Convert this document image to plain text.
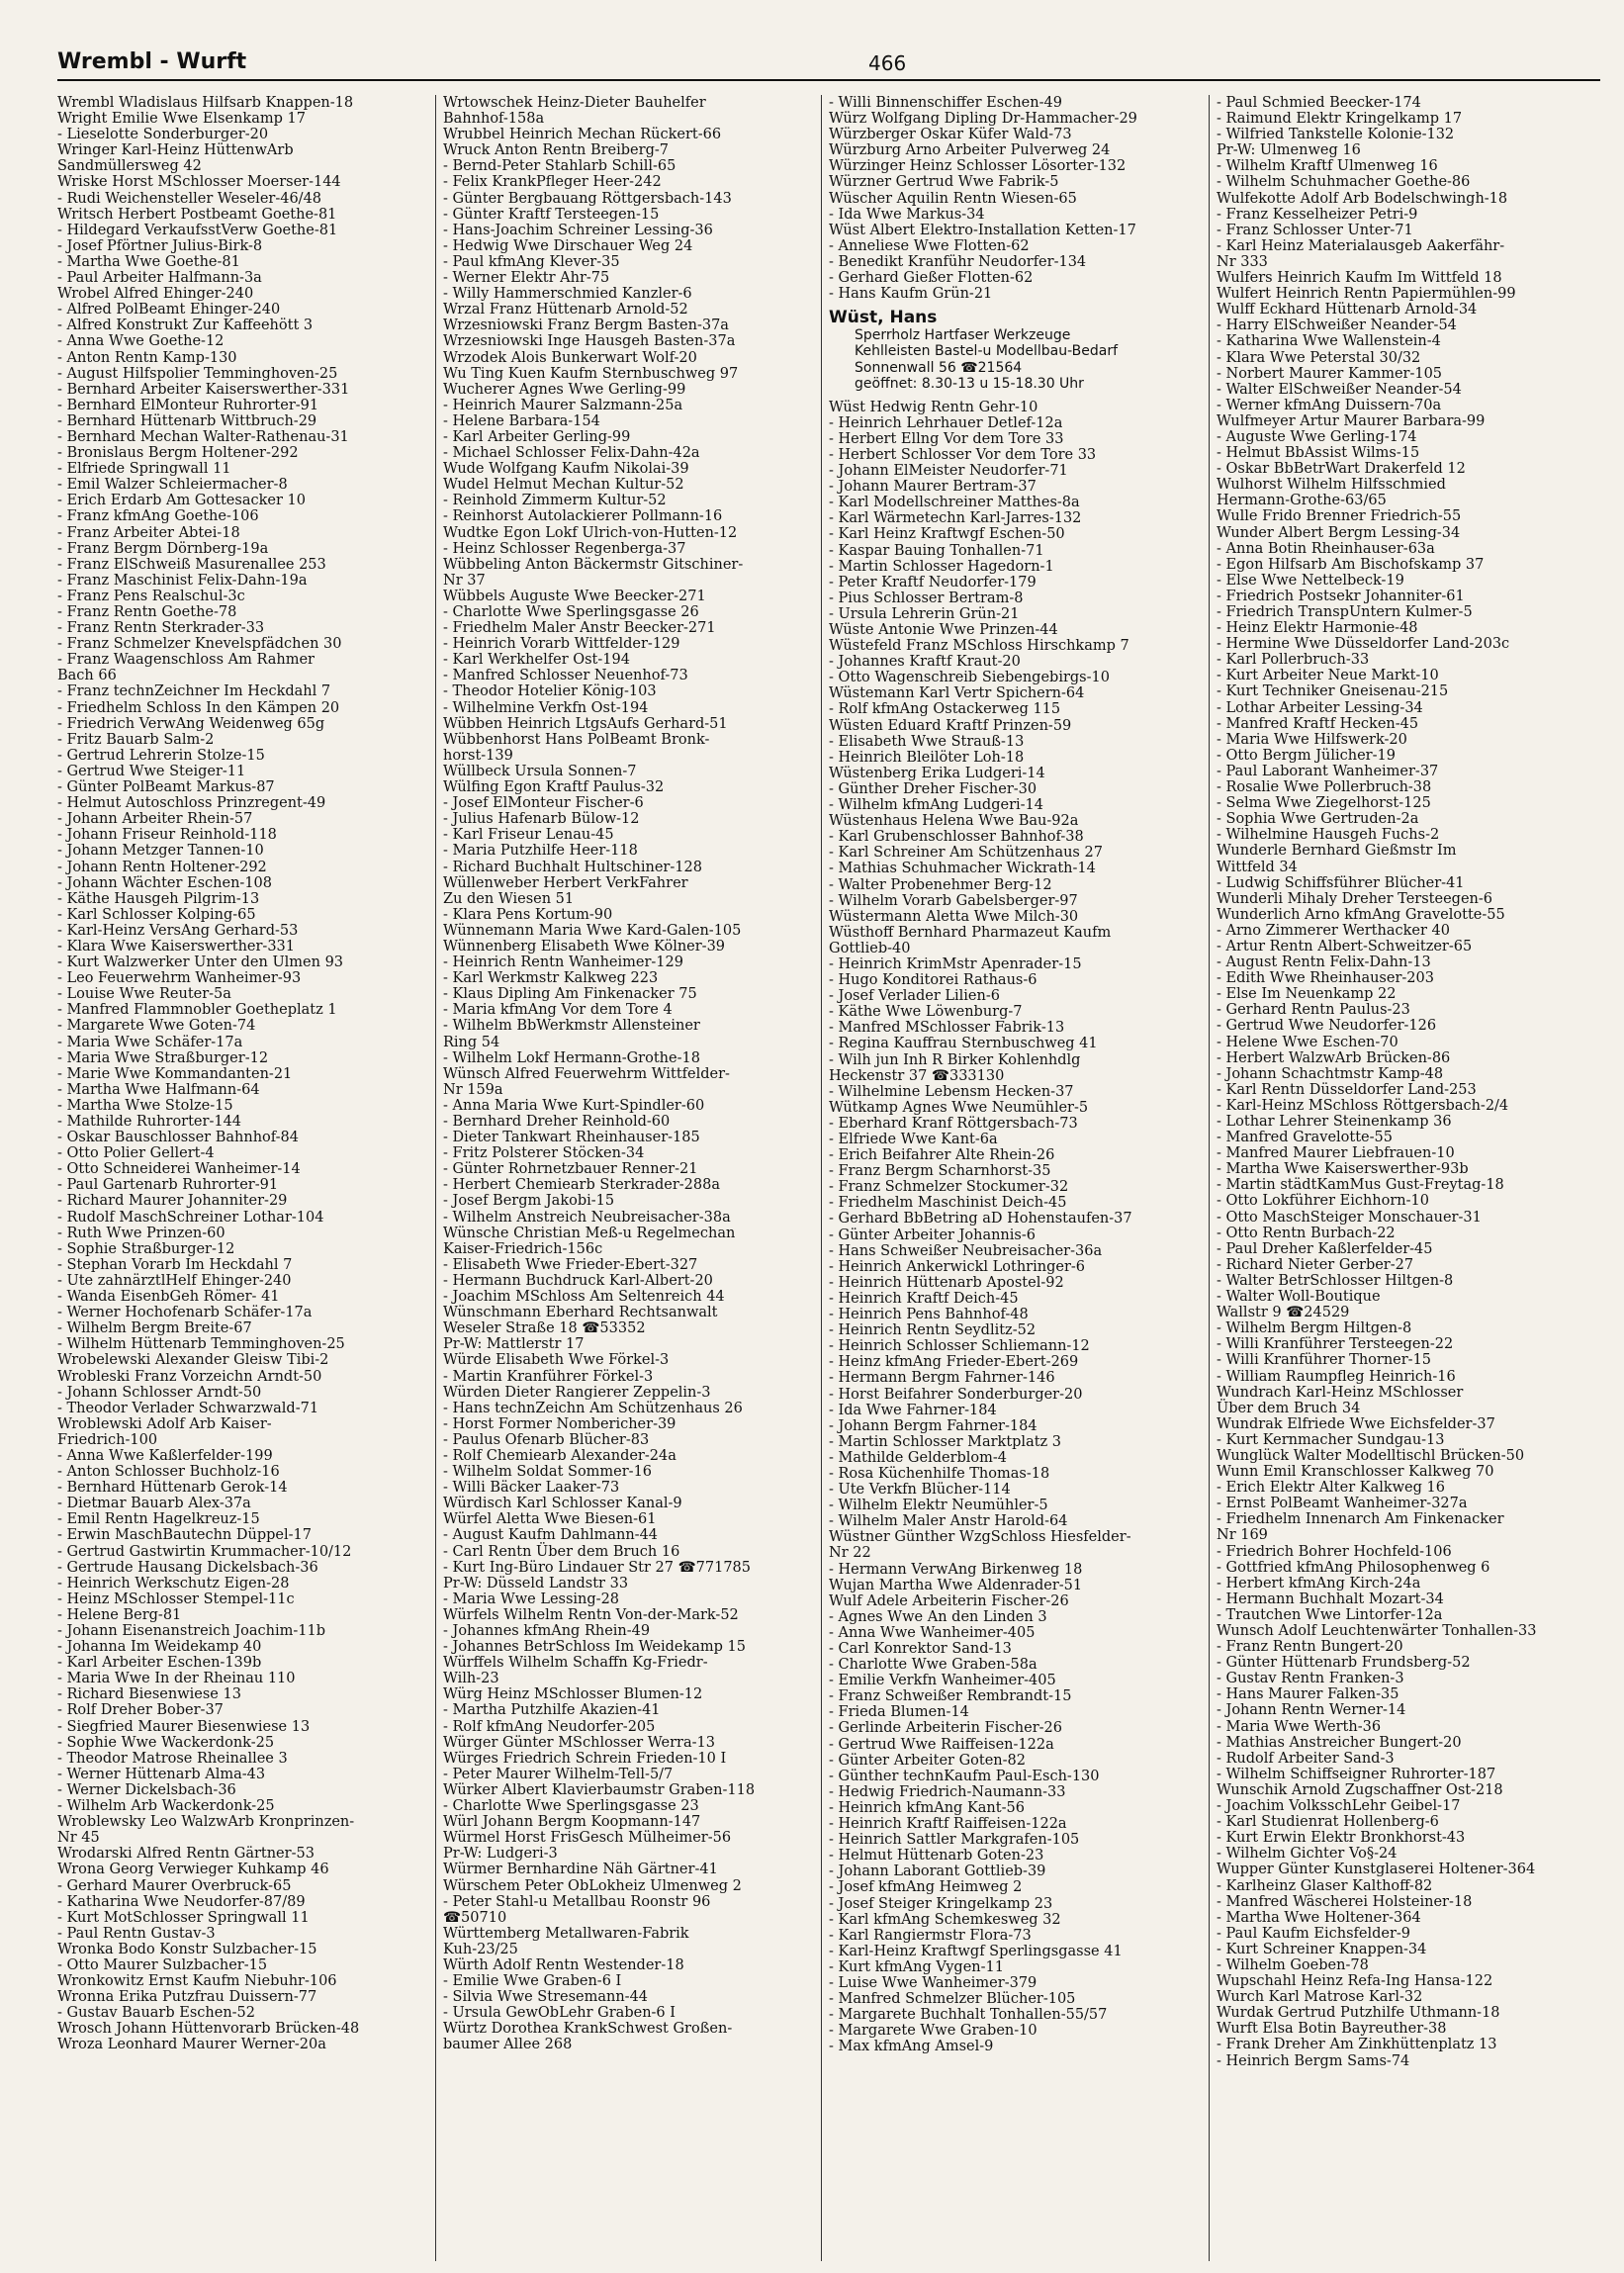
Wrembl - Wurft	466
Wrembl Wladislaus Hilfsarb Knappen-18
Wright Emilie Wwe Elsenkamp 17
- Lieselotte Sonderburger-20
Wringer Karl-Heinz HüttenwArb
Sandmüllersweg 42
Wriske Horst MSchlosser Moerser-144
- Rudi Weichensteller Weseler-46/48
Writsch Herbert Postbeamt Goethe-81
- Hildegard VerkaufsstVerw Goethe-81
- Josef Pförtner Julius-Birk-8
- Martha Wwe Goethe-81
- Paul Arbeiter Halfmann-3a
Wrobel Alfred Ehinger-240
- Alfred PolBeamt Ehinger-240
- Alfred Konstrukt Zur Kaffeehött 3
- Anna Wwe Goethe-12
- Anton Rentn Kamp-130
- August Hilfspolier Temminghoven-25
- Bernhard Arbeiter Kaiserswerther-331
- Bernhard ElMonteur Ruhrorter-91
- Bernhard Hüttenarb Wittbruch-29
- Bernhard Mechan Walter-Rathenau-31
- Bronislaus Bergm Holtener-292
- Elfriede Springwall 11
- Emil Walzer Schleiermacher-8
- Erich Erdarb Am Gottesacker 10
- Franz kfmAng Goethe-106
- Franz Arbeiter Abtei-18
- Franz Bergm Dörnberg-19a
- Franz ElSchweiß Masurenallee 253
- Franz Maschinist Felix-Dahn-19a
- Franz Pens Realschul-3c
- Franz Rentn Goethe-78
- Franz Rentn Sterkrader-33
- Franz Schmelzer Knevelspfädchen 30
- Franz Waagenschloss Am Rahmer
Bach 66
- Franz technZeichner Im Heckdahl 7
- Friedhelm Schloss In den Kämpen 20
- Friedrich VerwAng Weidenweg 65g
- Fritz Bauarb Salm-2
- Gertrud Lehrerin Stolze-15
- Gertrud Wwe Steiger-11
- Günter PolBeamt Markus-87
- Helmut Autoschloss Prinzregent-49
- Johann Arbeiter Rhein-57
- Johann Friseur Reinhold-118
- Johann Metzger Tannen-10
- Johann Rentn Holtener-292
- Johann Wächter Eschen-108
- Käthe Hausgeh Pilgrim-13
- Karl Schlosser Kolping-65
- Karl-Heinz VersAng Gerhard-53
- Klara Wwe Kaiserswerther-331
- Kurt Walzwerker Unter den Ulmen 93
- Leo Feuerwehrm Wanheimer-93
- Louise Wwe Reuter-5a
- Manfred Flammnobler Goetheplatz 1
- Margarete Wwe Goten-74
- Maria Wwe Schäfer-17a
- Maria Wwe Straßburger-12
- Marie Wwe Kommandanten-21
- Martha Wwe Halfmann-64
- Martha Wwe Stolze-15
- Mathilde Ruhrorter-144
- Oskar Bauschlosser Bahnhof-84
- Otto Polier Gellert-4
- Otto Schneiderei Wanheimer-14
- Paul Gartenarb Ruhrorter-91
- Richard Maurer Johanniter-29
- Rudolf MaschSchreiner Lothar-104
- Ruth Wwe Prinzen-60
- Sophie Straßburger-12
- Stephan Vorarb Im Heckdahl 7
- Ute zahnärztlHelf Ehinger-240
- Wanda EisenbGeh Römer- 41
- Werner Hochofenarb Schäfer-17a
- Wilhelm Bergm Breite-67
- Wilhelm Hüttenarb Temminghoven-25
Wrobelewski Alexander Gleisw Tibi-2
Wrobleski Franz Vorzeichn Arndt-50
- Johann Schlosser Arndt-50
- Theodor Verlader Schwarzwald-71
Wroblewski Adolf Arb Kaiser-
Friedrich-100
- Anna Wwe Kaßlerfelder-199
- Anton Schlosser Buchholz-16
- Bernhard Hüttenarb Gerok-14
- Dietmar Bauarb Alex-37a
- Emil Rentn Hagelkreuz-15
- Erwin MaschBautechn Düppel-17
- Gertrud Gastwirtin Krummacher-10/12
- Gertrude Hausang Dickelsbach-36
- Heinrich Werkschutz Eigen-28
- Heinz MSchlosser Stempel-11c
- Helene Berg-81
- Johann Eisenanstreich Joachim-11b
- Johanna Im Weidekamp 40
- Karl Arbeiter Eschen-139b
- Maria Wwe In der Rheinau 110
- Richard Biesenwiese 13
- Rolf Dreher Bober-37
- Siegfried Maurer Biesenwiese 13
- Sophie Wwe Wackerdonk-25
- Theodor Matrose Rheinallee 3
- Werner Hüttenarb Alma-43
- Werner Dickelsbach-36
- Wilhelm Arb Wackerdonk-25
Wroblewsky Leo WalzwArb Kronprinzen-
Nr 45
Wrodarski Alfred Rentn Gärtner-53
Wrona Georg Verwieger Kuhkamp 46
- Gerhard Maurer Overbruck-65
- Katharina Wwe Neudorfer-87/89
- Kurt MotSchlosser Springwall 11
- Paul Rentn Gustav-3
Wronka Bodo Konstr Sulzbacher-15
- Otto Maurer Sulzbacher-15
Wronkowitz Ernst Kaufm Niebuhr-106
Wronna Erika Putzfrau Duissern-77
- Gustav Bauarb Eschen-52
Wrosch Johann Hüttenvorarb Brücken-48
Wroza Leonhard Maurer Werner-20a
Wrtowschek Heinz-Dieter Bauhelfer
Bahnhof-158a
Wrubbel Heinrich Mechan Rückert-66
Wruck Anton Rentn Breiberg-7
- Bernd-Peter Stahlarb Schill-65
- Felix KrankPfleger Heer-242
- Günter Bergbauang Röttgersbach-143
- Günter Kraftf Tersteegen-15
- Hans-Joachim Schreiner Lessing-36
- Hedwig Wwe Dirschauer Weg 24
- Paul kfmAng Klever-35
- Werner Elektr Ahr-75
- Willy Hammerschmied Kanzler-6
Wrzal Franz Hüttenarb Arnold-52
Wrzesniowski Franz Bergm Basten-37a
Wrzesniowski Inge Hausgeh Basten-37a
Wrzodek Alois Bunkerwart Wolf-20
Wu Ting Kuen Kaufm Sternbuschweg 97
Wucherer Agnes Wwe Gerling-99
- Heinrich Maurer Salzmann-25a
- Helene Barbara-154
- Karl Arbeiter Gerling-99
- Michael Schlosser Felix-Dahn-42a
Wude Wolfgang Kaufm Nikolai-39
Wudel Helmut Mechan Kultur-52
- Reinhold Zimmerm Kultur-52
- Reinhorst Autolackierer Pollmann-16
Wudtke Egon Lokf Ulrich-von-Hutten-12
- Heinz Schlosser Regenberga-37
Wübbeling Anton Bäckermstr Gitschiner-
Nr 37
Wübbels Auguste Wwe Beecker-271
- Charlotte Wwe Sperlingsgasse 26
- Friedhelm Maler Anstr Beecker-271
- Heinrich Vorarb Wittfelder-129
- Karl Werkhelfer Ost-194
- Manfred Schlosser Neuenhof-73
- Theodor Hotelier König-103
- Wilhelmine Verkfn Ost-194
Wübben Heinrich LtgsAufs Gerhard-51
Wübbenhorst Hans PolBeamt Bronk-
horst-139
Wüllbeck Ursula Sonnen-7
Wülfing Egon Kraftf Paulus-32
- Josef ElMonteur Fischer-6
- Julius Hafenarb Bülow-12
- Karl Friseur Lenau-45
- Maria Putzhilfe Heer-118
- Richard Buchhalt Hultschiner-128
Wüllenweber Herbert VerkFahrer
Zu den Wiesen 51
- Klara Pens Kortum-90
Wünnemann Maria Wwe Kard-Galen-105
Wünnenberg Elisabeth Wwe Kölner-39
- Heinrich Rentn Wanheimer-129
- Karl Werkmstr Kalkweg 223
- Klaus Dipling Am Finkenacker 75
- Maria kfmAng Vor dem Tore 4
- Wilhelm BbWerkmstr Allensteiner
Ring 54
- Wilhelm Lokf Hermann-Grothe-18
Wünsch Alfred Feuerwehrm Wittfelder-
Nr 159a
- Anna Maria Wwe Kurt-Spindler-60
- Bernhard Dreher Reinhold-60
- Dieter Tankwart Rheinhauser-185
- Fritz Polsterer Stöcken-34
- Günter Rohrnetzbauer Renner-21
- Herbert Chemiearb Sterkrader-288a
- Josef Bergm Jakobi-15
- Wilhelm Anstreich Neubreisacher-38a
Wünsche Christian Meß-u Regelmechan
Kaiser-Friedrich-156c
- Elisabeth Wwe Frieder-Ebert-327
- Hermann Buchdruck Karl-Albert-20
- Joachim MSchloss Am Seltenreich 44
Wünschmann Eberhard Rechtsanwalt
Weseler Straße 18 ☎53352
Pr-W: Mattlerstr 17
Würde Elisabeth Wwe Förkel-3
- Martin Kranführer Förkel-3
Würden Dieter Rangierer Zeppelin-3
- Hans technZeichn Am Schützenhaus 26
- Horst Former Nombericher-39
- Paulus Ofenarb Blücher-83
- Rolf Chemiearb Alexander-24a
- Wilhelm Soldat Sommer-16
- Willi Bäcker Laaker-73
Würdisch Karl Schlosser Kanal-9
Würfel Aletta Wwe Biesen-61
- August Kaufm Dahlmann-44
- Carl Rentn Über dem Bruch 16
- Kurt Ing-Büro Lindauer Str 27 ☎771785
Pr-W: Düsseld Landstr 33
- Maria Wwe Lessing-28
Würfels Wilhelm Rentn Von-der-Mark-52
- Johannes kfmAng Rhein-49
- Johannes BetrSchloss Im Weidekamp 15
Würffels Wilhelm Schaffn Kg-Friedr-
Wilh-23
Würg Heinz MSchlosser Blumen-12
- Martha Putzhilfe Akazien-41
- Rolf kfmAng Neudorfer-205
Würger Günter MSchlosser Werra-13
Würges Friedrich Schrein Frieden-10 I
- Peter Maurer Wilhelm-Tell-5/7
Würker Albert Klavierbaumstr Graben-118
- Charlotte Wwe Sperlingsgasse 23
Würl Johann Bergm Koopmann-147
Würmel Horst FrisGesch Mülheimer-56
Pr-W: Ludgeri-3
Würmer Bernhardine Näh Gärtner-41
Würschem Peter ObLokheiz Ulmenweg 2
- Peter Stahl-u Metallbau Roonstr 96
☎50710
Württemberg Metallwaren-Fabrik
Kuh-23/25
Würth Adolf Rentn Westender-18
- Emilie Wwe Graben-6 I
- Silvia Wwe Stresemann-44
- Ursula GewObLehr Graben-6 I
Würtz Dorothea KrankSchwest Großen-
baumer Allee 268
- Willi Binnenschiffer Eschen-49
Würz Wolfgang Dipling Dr-Hammacher-29
Würzberger Oskar Küfer Wald-73
Würzburg Arno Arbeiter Pulverweg 24
Würzinger Heinz Schlosser Lösorter-132
Würzner Gertrud Wwe Fabrik-5
Wüscher Aquilin Rentn Wiesen-65
- Ida Wwe Markus-34
Wüst Albert Elektro-Installation Ketten-17
- Anneliese Wwe Flotten-62
- Benedikt Kranführ Neudorfer-134
- Gerhard Gießer Flotten-62
- Hans Kaufm Grün-21
Wüst, Hans
Sperrholz Hartfaser Werkzeuge
Kehlleisten Bastel-u Modellbau-Bedarf
Sonnenwall 56 ☎21564
geöffnet: 8.30-13 u 15-18.30 Uhr
Wüst Hedwig Rentn Gehr-10
- Heinrich Lehrhauer Detlef-12a
- Herbert Ellng Vor dem Tore 33
- Herbert Schlosser Vor dem Tore 33
- Johann ElMeister Neudorfer-71
- Johann Maurer Bertram-37
- Karl Modellschreiner Matthes-8a
- Karl Wärmetechn Karl-Jarres-132
- Karl Heinz Kraftwgf Eschen-50
- Kaspar Bauing Tonhallen-71
- Martin Schlosser Hagedorn-1
- Peter Kraftf Neudorfer-179
- Pius Schlosser Bertram-8
- Ursula Lehrerin Grün-21
Wüste Antonie Wwe Prinzen-44
Wüstefeld Franz MSchloss Hirschkamp 7
- Johannes Kraftf Kraut-20
- Otto Wagenschreib Siebengebirgs-10
Wüstemann Karl Vertr Spichern-64
- Rolf kfmAng Ostackerweg 115
Wüsten Eduard Kraftf Prinzen-59
- Elisabeth Wwe Strauß-13
- Heinrich Bleilöter Loh-18
Wüstenberg Erika Ludgeri-14
- Günther Dreher Fischer-30
- Wilhelm kfmAng Ludgeri-14
Wüstenhaus Helena Wwe Bau-92a
- Karl Grubenschlosser Bahnhof-38
- Karl Schreiner Am Schützenhaus 27
- Mathias Schuhmacher Wickrath-14
- Walter Probenehmer Berg-12
- Wilhelm Vorarb Gabelsberger-97
Wüstermann Aletta Wwe Milch-30
Wüsthoff Bernhard Pharmazeut Kaufm
Gottlieb-40
- Heinrich KrimMstr Apenrader-15
- Hugo Konditorei Rathaus-6
- Josef Verlader Lilien-6
- Käthe Wwe Löwenburg-7
- Manfred MSchlosser Fabrik-13
- Regina Kauffrau Sternbuschweg 41
- Wilh jun Inh R Birker Kohlenhdlg
Heckenstr 37 ☎333130
- Wilhelmine Lebensm Hecken-37
Wütkamp Agnes Wwe Neumühler-5
- Eberhard Kranf Röttgersbach-73
- Elfriede Wwe Kant-6a
- Erich Beifahrer Alte Rhein-26
- Franz Bergm Scharnhorst-35
- Franz Schmelzer Stockumer-32
- Friedhelm Maschinist Deich-45
- Gerhard BbBetring aD Hohenstaufen-37
- Günter Arbeiter Johannis-6
- Hans Schweißer Neubreisacher-36a
- Heinrich Ankerwickl Lothringer-6
- Heinrich Hüttenarb Apostel-92
- Heinrich Kraftf Deich-45
- Heinrich Pens Bahnhof-48
- Heinrich Rentn Seydlitz-52
- Heinrich Schlosser Schliemann-12
- Heinz kfmAng Frieder-Ebert-269
- Hermann Bergm Fahrner-146
- Horst Beifahrer Sonderburger-20
- Ida Wwe Fahrner-184
- Johann Bergm Fahrner-184
- Martin Schlosser Marktplatz 3
- Mathilde Gelderblom-4
- Rosa Küchenhilfe Thomas-18
- Ute Verkfn Blücher-114
- Wilhelm Elektr Neumühler-5
- Wilhelm Maler Anstr Harold-64
Wüstner Günther WzgSchloss Hiesfelder-
Nr 22
- Hermann VerwAng Birkenweg 18
Wujan Martha Wwe Aldenrader-51
Wulf Adele Arbeiterin Fischer-26
- Agnes Wwe An den Linden 3
- Anna Wwe Wanheimer-405
- Carl Konrektor Sand-13
- Charlotte Wwe Graben-58a
- Emilie Verkfn Wanheimer-405
- Franz Schweißer Rembrandt-15
- Frieda Blumen-14
- Gerlinde Arbeiterin Fischer-26
- Gertrud Wwe Raiffeisen-122a
- Günter Arbeiter Goten-82
- Günther technKaufm Paul-Esch-130
- Hedwig Friedrich-Naumann-33
- Heinrich kfmAng Kant-56
- Heinrich Kraftf Raiffeisen-122a
- Heinrich Sattler Markgrafen-105
- Helmut Hüttenarb Goten-23
- Johann Laborant Gottlieb-39
- Josef kfmAng Heimweg 2
- Josef Steiger Kringelkamp 23
- Karl kfmAng Schemkesweg 32
- Karl Rangiermstr Flora-73
- Karl-Heinz Kraftwgf Sperlingsgasse 41
- Kurt kfmAng Vygen-11
- Luise Wwe Wanheimer-379
- Manfred Schmelzer Blücher-105
- Margarete Buchhalt Tonhallen-55/57
- Margarete Wwe Graben-10
- Max kfmAng Amsel-9
- Paul Schmied Beecker-174
- Raimund Elektr Kringelkamp 17
- Wilfried Tankstelle Kolonie-132
Pr-W: Ulmenweg 16
- Wilhelm Kraftf Ulmenweg 16
- Wilhelm Schuhmacher Goethe-86
Wulfekotte Adolf Arb Bodelschwingh-18
- Franz Kesselheizer Petri-9
- Franz Schlosser Unter-71
- Karl Heinz Materialausgeb Aakerfähr-
Nr 333
Wulfers Heinrich Kaufm Im Wittfeld 18
Wulfert Heinrich Rentn Papiermühlen-99
Wulff Eckhard Hüttenarb Arnold-34
- Harry ElSchweißer Neander-54
- Katharina Wwe Wallenstein-4
- Klara Wwe Peterstal 30/32
- Norbert Maurer Kammer-105
- Walter ElSchweißer Neander-54
- Werner kfmAng Duissern-70a
Wulfmeyer Artur Maurer Barbara-99
- Auguste Wwe Gerling-174
- Helmut BbAssist Wilms-15
- Oskar BbBetrWart Drakerfeld 12
Wulhorst Wilhelm Hilfsschmied
Hermann-Grothe-63/65
Wulle Frido Brenner Friedrich-55
Wunder Albert Bergm Lessing-34
- Anna Botin Rheinhauser-63a
- Egon Hilfsarb Am Bischofskamp 37
- Else Wwe Nettelbeck-19
- Friedrich Postsekr Johanniter-61
- Friedrich TranspUntern Kulmer-5
- Heinz Elektr Harmonie-48
- Hermine Wwe Düsseldorfer Land-203c
- Karl Pollerbruch-33
- Kurt Arbeiter Neue Markt-10
- Kurt Techniker Gneisenau-215
- Lothar Arbeiter Lessing-34
- Manfred Kraftf Hecken-45
- Maria Wwe Hilfswerk-20
- Otto Bergm Jülicher-19
- Paul Laborant Wanheimer-37
- Rosalie Wwe Pollerbruch-38
- Selma Wwe Ziegelhorst-125
- Sophia Wwe Gertruden-2a
- Wilhelmine Hausgeh Fuchs-2
Wunderle Bernhard Gießmstr Im
Wittfeld 34
- Ludwig Schiffsführer Blücher-41
Wunderli Mihaly Dreher Tersteegen-6
Wunderlich Arno kfmAng Gravelotte-55
- Arno Zimmerer Werthacker 40
- Artur Rentn Albert-Schweitzer-65
- August Rentn Felix-Dahn-13
- Edith Wwe Rheinhauser-203
- Else Im Neuenkamp 22
- Gerhard Rentn Paulus-23
- Gertrud Wwe Neudorfer-126
- Helene Wwe Eschen-70
- Herbert WalzwArb Brücken-86
- Johann Schachtmstr Kamp-48
- Karl Rentn Düsseldorfer Land-253
- Karl-Heinz MSchloss Röttgersbach-2/4
- Lothar Lehrer Steinenkamp 36
- Manfred Gravelotte-55
- Manfred Maurer Liebfrauen-10
- Martha Wwe Kaiserswerther-93b
- Martin städtKamMus Gust-Freytag-18
- Otto Lokführer Eichhorn-10
- Otto MaschSteiger Monschauer-31
- Otto Rentn Burbach-22
- Paul Dreher Kaßlerfelder-45
- Richard Nieter Gerber-27
- Walter BetrSchlosser Hiltgen-8
- Walter Woll-Boutique
Wallstr 9 ☎24529
- Wilhelm Bergm Hiltgen-8
- Willi Kranführer Tersteegen-22
- Willi Kranführer Thorner-15
- William Raumpfleg Heinrich-16
Wundrach Karl-Heinz MSchlosser
Über dem Bruch 34
Wundrak Elfriede Wwe Eichsfelder-37
- Kurt Kernmacher Sundgau-13
Wunglück Walter Modelltischl Brücken-50
Wunn Emil Kranschlosser Kalkweg 70
- Erich Elektr Alter Kalkweg 16
- Ernst PolBeamt Wanheimer-327a
- Friedhelm Innenarch Am Finkenacker
Nr 169
- Friedrich Bohrer Hochfeld-106
- Gottfried kfmAng Philosophenweg 6
- Herbert kfmAng Kirch-24a
- Hermann Buchhalt Mozart-34
- Trautchen Wwe Lintorfer-12a
Wunsch Adolf Leuchtenwärter Tonhallen-33
- Franz Rentn Bungert-20
- Günter Hüttenarb Frundsberg-52
- Gustav Rentn Franken-3
- Hans Maurer Falken-35
- Johann Rentn Werner-14
- Maria Wwe Werth-36
- Mathias Anstreicher Bungert-20
- Rudolf Arbeiter Sand-3
- Wilhelm Schiffseigner Ruhrorter-187
Wunschik Arnold Zugschaffner Ost-218
- Joachim VolksschLehr Geibel-17
- Karl Studienrat Hollenberg-6
- Kurt Erwin Elektr Bronkhorst-43
- Wilhelm Gichter Vo§-24
Wupper Günter Kunstglaserei Holtener-364
- Karlheinz Glaser Kalthoff-82
- Manfred Wäscherei Holsteiner-18
- Martha Wwe Holtener-364
- Paul Kaufm Eichsfelder-9
- Kurt Schreiner Knappen-34
- Wilhelm Goeben-78
Wupschahl Heinz Refa-Ing Hansa-122
Wurch Karl Matrose Karl-32
Wurdak Gertrud Putzhilfe Uthmann-18
Wurft Elsa Botin Bayreuther-38
- Frank Dreher Am Zinkhüttenplatz 13
- Heinrich Bergm Sams-74
